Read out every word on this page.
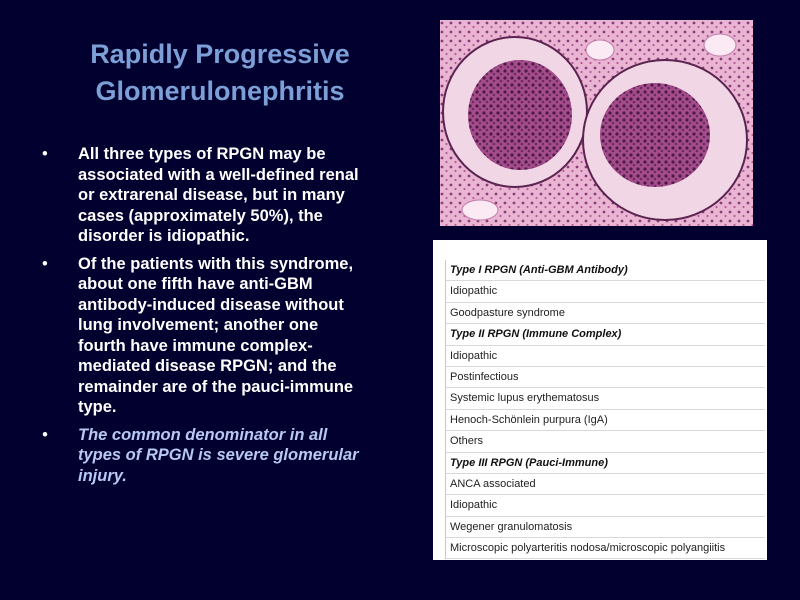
Rapidly Progressive
Glomerulonephritis
• All three types of RPGN may be associated with a well-defined renal or extrarenal disease, but in many cases (approximately 50%), the disorder is idiopathic.
• Of the patients with this syndrome, about one fifth have anti-GBM antibody-induced disease without lung involvement; another one fourth have immune complex-mediated disease RPGN; and the remainder are of the pauci-immune type.
• The common denominator in all types of RPGN is severe glomerular injury.
Type I RPGN (Anti-GBM Antibody)
Idiopathic
Goodpasture syndrome
Type II RPGN (Immune Complex)
Idiopathic
Postinfectious
Systemic lupus erythematosus
Henoch-Schönlein purpura (IgA)
Others
Type III RPGN (Pauci-Immune)
ANCA associated
Idiopathic
Wegener granulomatosis
Microscopic polyarteritis nodosa/microscopic polyangiitis
